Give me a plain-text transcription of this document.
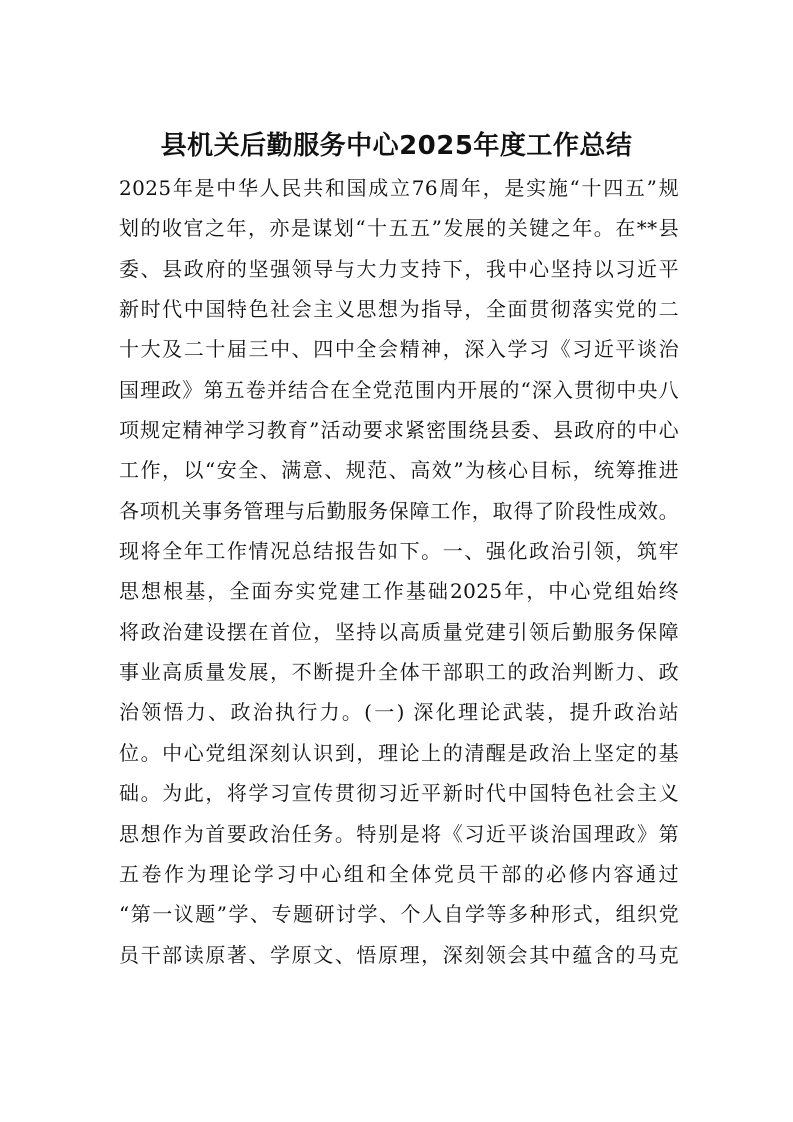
县机关后勤服务中心2025年度工作总结
2025年是中华人民共和国成立76周年，是实施“十四五”规
划的收官之年，亦是谋划“十五五”发展的关键之年。在**县
委、县政府的坚强领导与大力支持下，我中心坚持以习近平
新时代中国特色社会主义思想为指导，全面贯彻落实党的二
十大及二十届三中、四中全会精神，深入学习《习近平谈治
国理政》第五卷并结合在全党范围内开展的“深入贯彻中央八
项规定精神学习教育”活动要求紧密围绕县委、县政府的中心
工作，以“安全、满意、规范、高效”为核心目标，统筹推进
各项机关事务管理与后勤服务保障工作，取得了阶段性成效。
现将全年工作情况总结报告如下。一、强化政治引领，筑牢
思想根基，全面夯实党建工作基础2025年，中心党组始终
将政治建设摆在首位，坚持以高质量党建引领后勤服务保障
事业高质量发展，不断提升全体干部职工的政治判断力、政
治领悟力、政治执行力。(一) 深化理论武装，提升政治站
位。中心党组深刻认识到，理论上的清醒是政治上坚定的基
础。为此，将学习宣传贯彻习近平新时代中国特色社会主义
思想作为首要政治任务。特别是将《习近平谈治国理政》第
五卷作为理论学习中心组和全体党员干部的必修内容通过
“第一议题”学、专题研讨学、个人自学等多种形式，组织党
员干部读原著、学原文、悟原理，深刻领会其中蕴含的马克
